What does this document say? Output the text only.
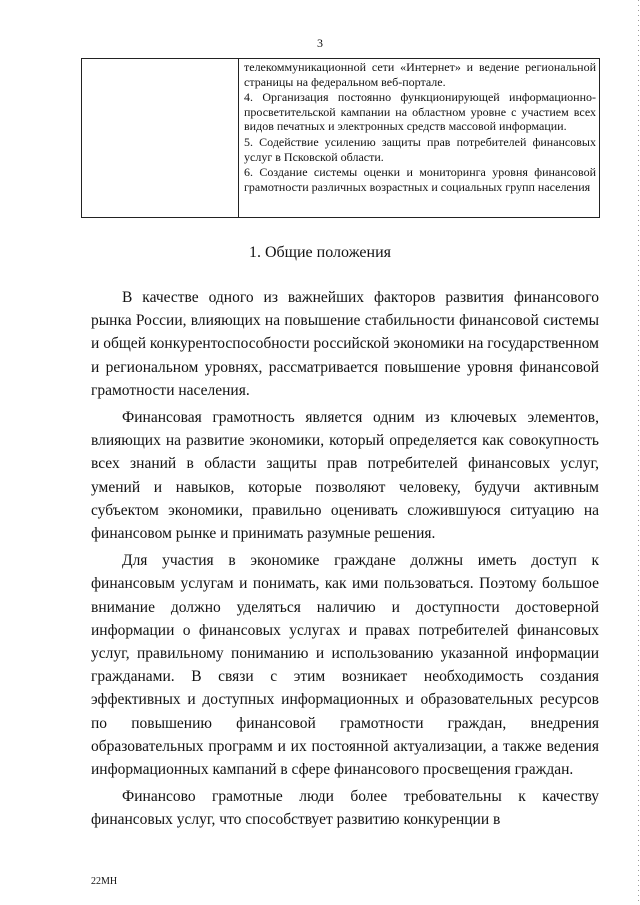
3

телекоммуникационной сети «Интернет» и ведение региональной страницы на федеральном веб-портале.

4. Организация постоянно функционирующей информационно-просветительской кампании на областном уровне с участием всех видов печатных и электронных средств массовой информации.

5. Содействие усилению защиты прав потребителей финансовых услуг в Псковской области.

6. Создание системы оценки и мониторинга уровня финансовой грамотности различных возрастных и социальных групп населения

1. Общие положения

В качестве одного из важнейших факторов развития финансового рынка России, влияющих на повышение стабильности финансовой системы и общей конкурентоспособности российской экономики на государственном и региональном уровнях, рассматривается повышение уровня финансовой грамотности населения.

Финансовая грамотность является одним из ключевых элементов, влияющих на развитие экономики, который определяется как совокупность всех знаний в области защиты прав потребителей финансовых услуг, умений и навыков, которые позволяют человеку, будучи активным субъектом экономики, правильно оценивать сложившуюся ситуацию на финансовом рынке и принимать разумные решения.

Для участия в экономике граждане должны иметь доступ к финансовым услугам и понимать, как ими пользоваться. Поэтому большое внимание должно уделяться наличию и доступности достоверной информации о финансовых услугах и правах потребителей финансовых услуг, правильному пониманию и использованию указанной информации гражданами. В связи с этим возникает необходимость создания эффективных и доступных информационных и образовательных ресурсов по повышению финансовой грамотности граждан, внедрения образовательных программ и их постоянной актуализации, а также ведения информационных кампаний в сфере финансового просвещения граждан.

Финансово грамотные люди более требовательны к качеству финансовых услуг, что способствует развитию конкуренции в

22МН
